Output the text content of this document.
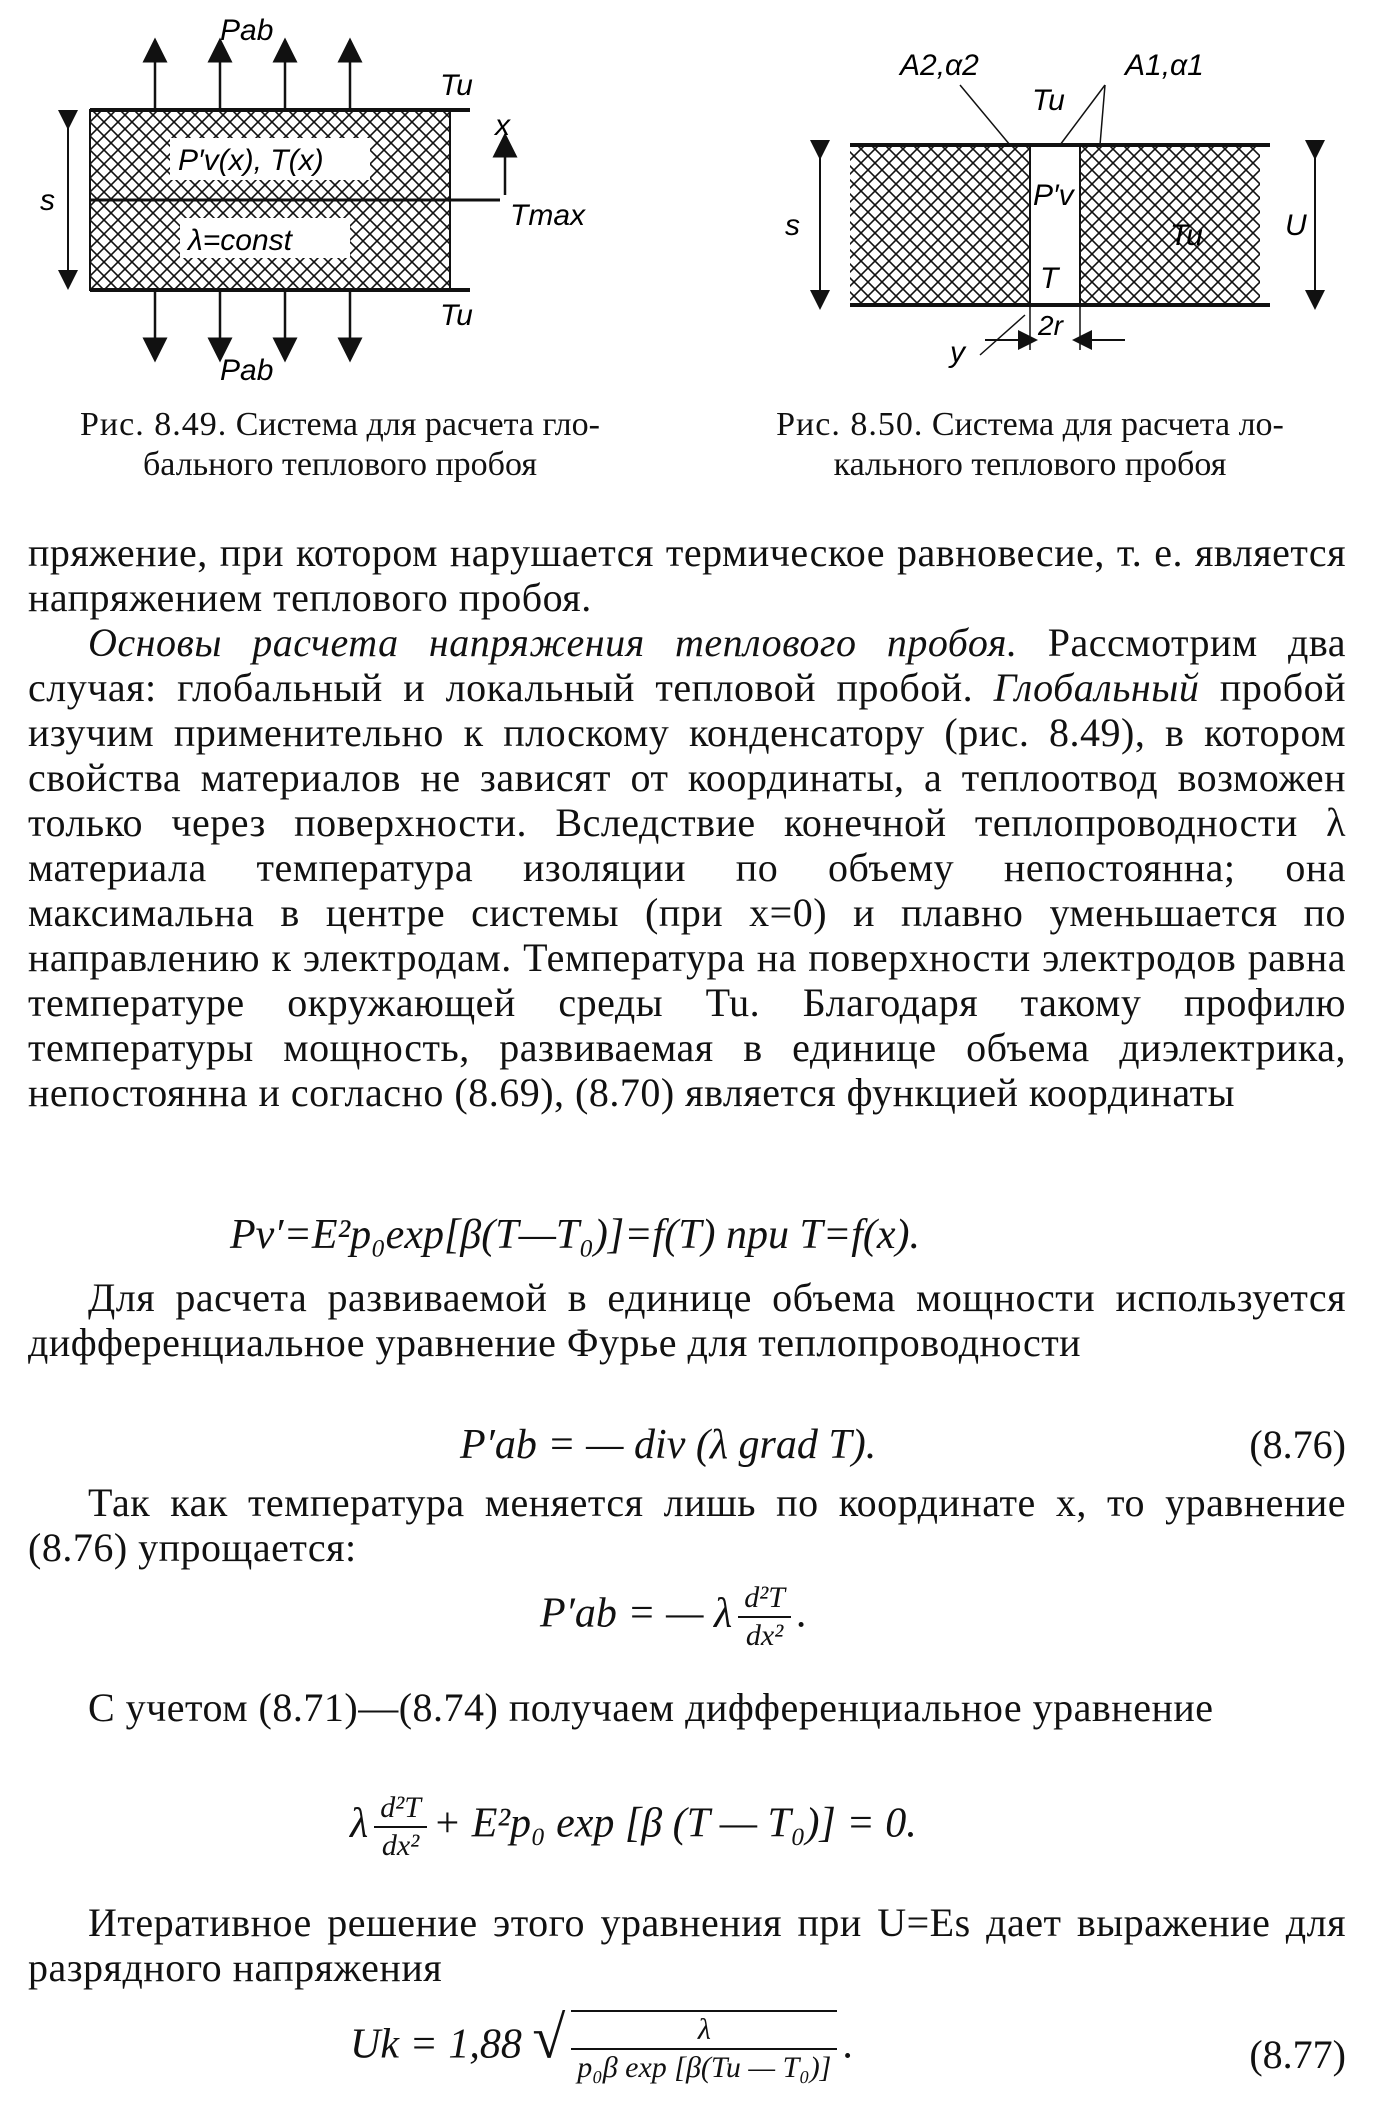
Pab
Tu
x
P′v(x), T(x)
s	Tmax
λ=const
Tu
Pab
Рис. 8.49. Система для расчета гло-
бального теплового пробоя
A2,α2	A1,α1
Tu
s
P′v
Tu	U
T
2r
y
Рис. 8.50. Система для расчета ло-
кального теплового пробоя
пряжение, при котором нарушается термическое равновесие, т. е. является напряжением теплового пробоя.
Основы расчета напряжения теплового пробоя. Рассмотрим два случая: глобальный и локальный тепловой пробой. Глобальный пробой изучим применительно к плоскому конденсатору (рис. 8.49), в котором свойства материалов не зависят от координаты, а теплоотвод возможен только через поверхности. Вследствие конечной теплопроводности λ материала температура изоляции по объему непостоянна; она максимальна в центре системы (при x=0) и плавно уменьшается по направлению к электродам. Температура на поверхности электродов равна температуре окружающей среды Tu. Благодаря такому профилю температуры мощность, развиваемая в единице объема диэлектрика, непостоянна и согласно (8.69), (8.70) является функцией координаты
Pv′=E²p₀exp[β(T—T₀)]=f(T) при T=f(x).
Для расчета развиваемой в единице объема мощности используется дифференциальное уравнение Фурье для теплопроводности
P′ab = — div (λ grad T).	(8.76)
Так как температура меняется лишь по координате x, то уравнение (8.76) упрощается:
P′ab = — λ $\frac{\text{d²T}}{\text{dx²}}$ .
С учетом (8.71)—(8.74) получаем дифференциальное уравнение
λ $\frac{\text{d²T}}{\text{dx²}} + E^2p_0$ exp [β (T — T₀)] = 0.
Итеративное решение этого уравнения при U=Es дает выражение для разрядного напряжения
Uk = 1,88 √ $\frac{\lambda}{\text{p₀β exp [β(Tu — T₀)]}}$ .	(8.77)
